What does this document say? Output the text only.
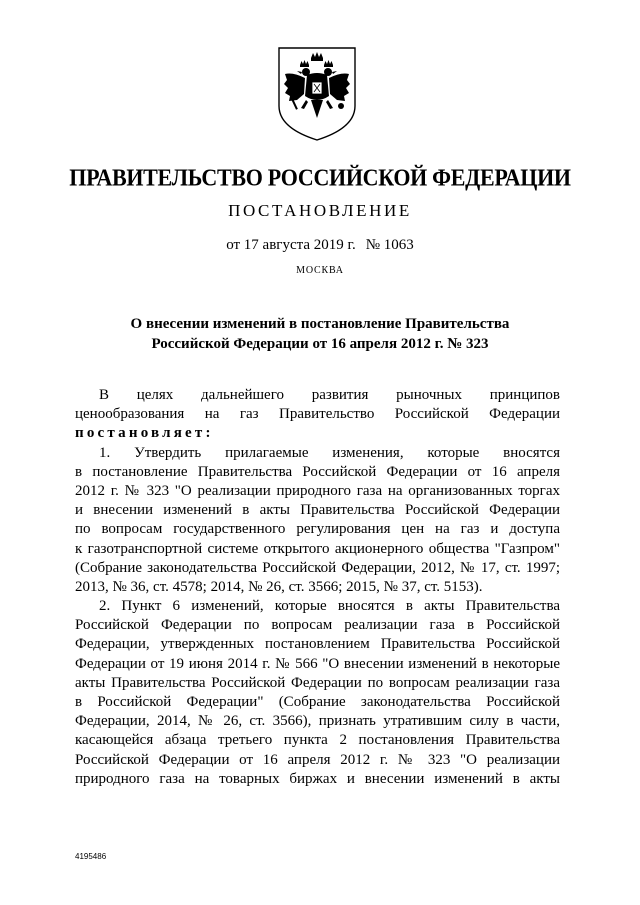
ПРАВИТЕЛЬСТВО РОССИЙСКОЙ ФЕДЕРАЦИИ
ПОСТАНОВЛЕНИЕ
от 17 августа 2019 г. № 1063
МОСКВА
О внесении изменений в постановление Правительства
Российской Федерации от 16 апреля 2012 г. № 323
В целях дальнейшего развития рыночных принципов
ценообразования на газ Правительство Российской Федерации
постановляет:
1. Утвердить прилагаемые изменения, которые вносятся
в постановление Правительства Российской Федерации от 16 апреля
2012 г. № 323 "О реализации природного газа на организованных торгах
и внесении изменений в акты Правительства Российской Федерации
по вопросам государственного регулирования цен на газ и доступа
к газотранспортной системе открытого акционерного общества "Газпром"
(Собрание законодательства Российской Федерации, 2012, № 17, ст. 1997;
2013, № 36, ст. 4578; 2014, № 26, ст. 3566; 2015, № 37, ст. 5153).
2. Пункт 6 изменений, которые вносятся в акты Правительства
Российской Федерации по вопросам реализации газа в Российской
Федерации, утвержденных постановлением Правительства Российской
Федерации от 19 июня 2014 г. № 566 "О внесении изменений в некоторые
акты Правительства Российской Федерации по вопросам реализации газа
в Российской Федерации" (Собрание законодательства Российской
Федерации, 2014, № 26, ст. 3566), признать утратившим силу в части,
касающейся абзаца третьего пункта 2 постановления Правительства
Российской Федерации от 16 апреля 2012 г. № 323 "О реализации
природного газа на товарных биржах и внесении изменений в акты
4195486
